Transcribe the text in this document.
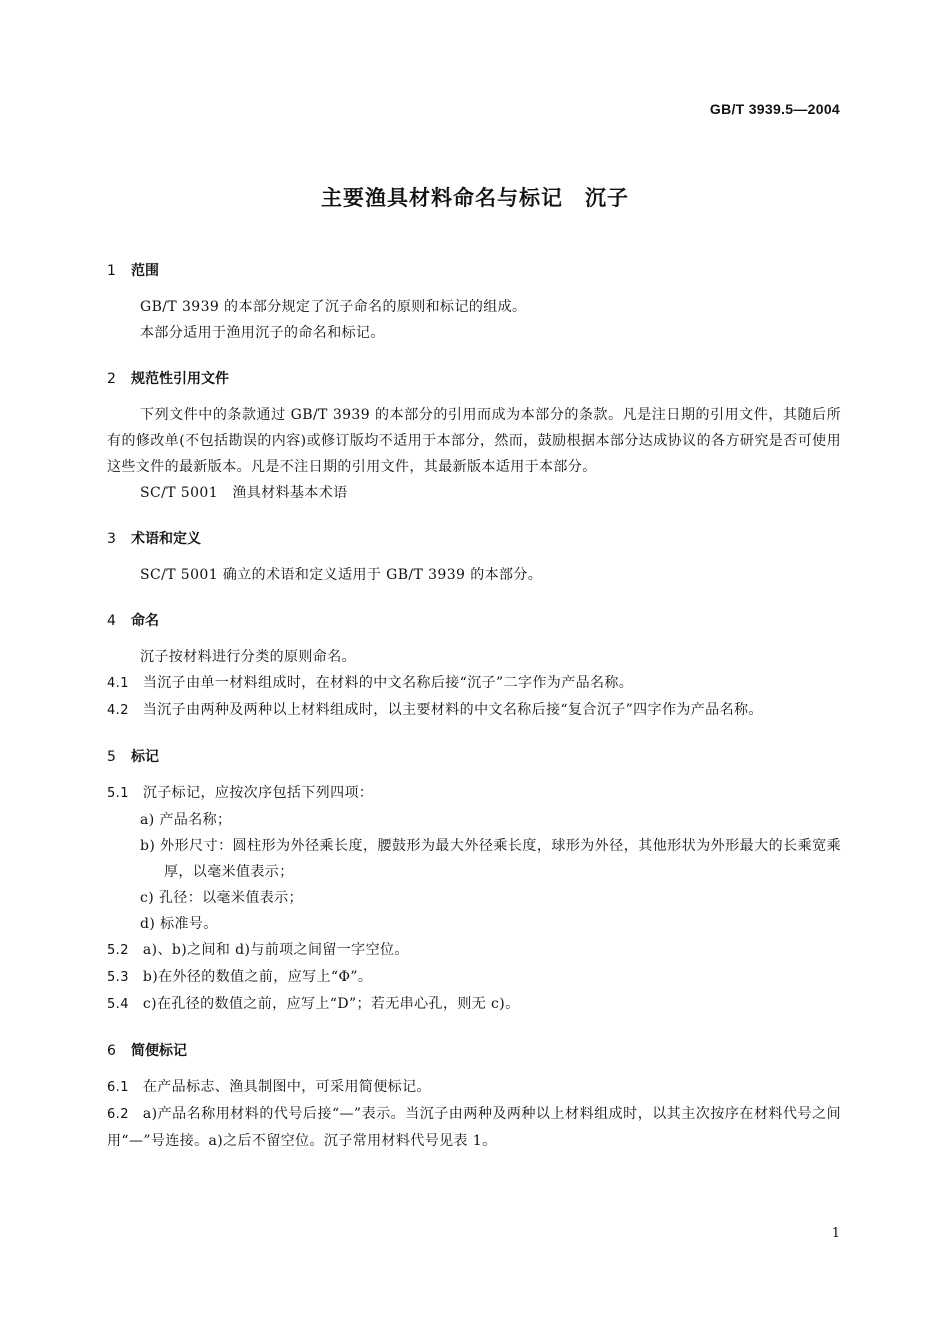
GB/T 3939.5—2004
主要渔具材料命名与标记　沉子
1 范围
GB/T 3939 的本部分规定了沉子命名的原则和标记的组成。
本部分适用于渔用沉子的命名和标记。
2 规范性引用文件
下列文件中的条款通过 GB/T 3939 的本部分的引用而成为本部分的条款。凡是注日期的引用文件，其随后所有的修改单(不包括勘误的内容)或修订版均不适用于本部分，然而，鼓励根据本部分达成协议的各方研究是否可使用这些文件的最新版本。凡是不注日期的引用文件，其最新版本适用于本部分。
SC/T 5001　渔具材料基本术语
3 术语和定义
SC/T 5001 确立的术语和定义适用于 GB/T 3939 的本部分。
4 命名
沉子按材料进行分类的原则命名。
4.1 当沉子由单一材料组成时，在材料的中文名称后接“沉子”二字作为产品名称。
4.2 当沉子由两种及两种以上材料组成时，以主要材料的中文名称后接“复合沉子”四字作为产品名称。
5 标记
5.1 沉子标记，应按次序包括下列四项：
a) 产品名称；
b) 外形尺寸：圆柱形为外径乘长度，腰鼓形为最大外径乘长度，球形为外径，其他形状为外形最大的长乘宽乘厚，以毫米值表示；
c) 孔径：以毫米值表示；
d) 标准号。
5.2 a)、b)之间和 d)与前项之间留一字空位。
5.3 b)在外径的数值之前，应写上“Φ”。
5.4 c)在孔径的数值之前，应写上“D”；若无串心孔，则无 c)。
6 简便标记
6.1 在产品标志、渔具制图中，可采用简便标记。
6.2 a)产品名称用材料的代号后接“—”表示。当沉子由两种及两种以上材料组成时，以其主次按序在材料代号之间用“—”号连接。a)之后不留空位。沉子常用材料代号见表 1。
1
